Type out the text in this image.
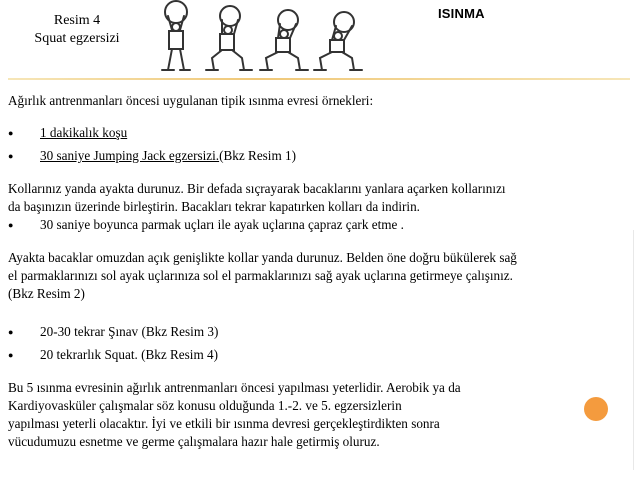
Resim 4
Squat egzersizi
ISINMA
Ağırlık antrenmanları öncesi uygulanan tipik ısınma evresi örnekleri:
●	1 dakikalık koşu
●	30 saniye Jumping Jack egzersizi. (Bkz Resim 1)
Kollarınız yanda ayakta durunuz. Bir defada sıçrayarak bacaklarını yanlara açarken kollarınızı
da başınızın üzerinde birleştirin. Bacakları tekrar kapatırken kolları da indirin.
●	30 saniye boyunca parmak uçları ile ayak uçlarına çapraz çark etme .
Ayakta bacaklar omuzdan açık genişlikte kollar yanda durunuz. Belden öne doğru bükülerek sağ
el parmaklarınızı sol ayak uçlarınıza sol el parmaklarınızı sağ ayak uçlarına getirmeye çalışınız.
(Bkz Resim 2)
●	20-30 tekrar Şınav (Bkz Resim 3)
●	20 tekrarlık Squat. (Bkz Resim 4)
Bu 5 ısınma evresinin ağırlık antrenmanları öncesi yapılması yeterlidir. Aerobik ya da
Kardiyovasküler çalışmalar söz konusu olduğunda 1.-2. ve 5. egzersizlerin
yapılması yeterli olacaktır. İyi ve etkili bir ısınma devresi gerçekleştirdikten sonra
vücudumuzu esnetme ve germe çalışmalara hazır hale getirmiş oluruz.
